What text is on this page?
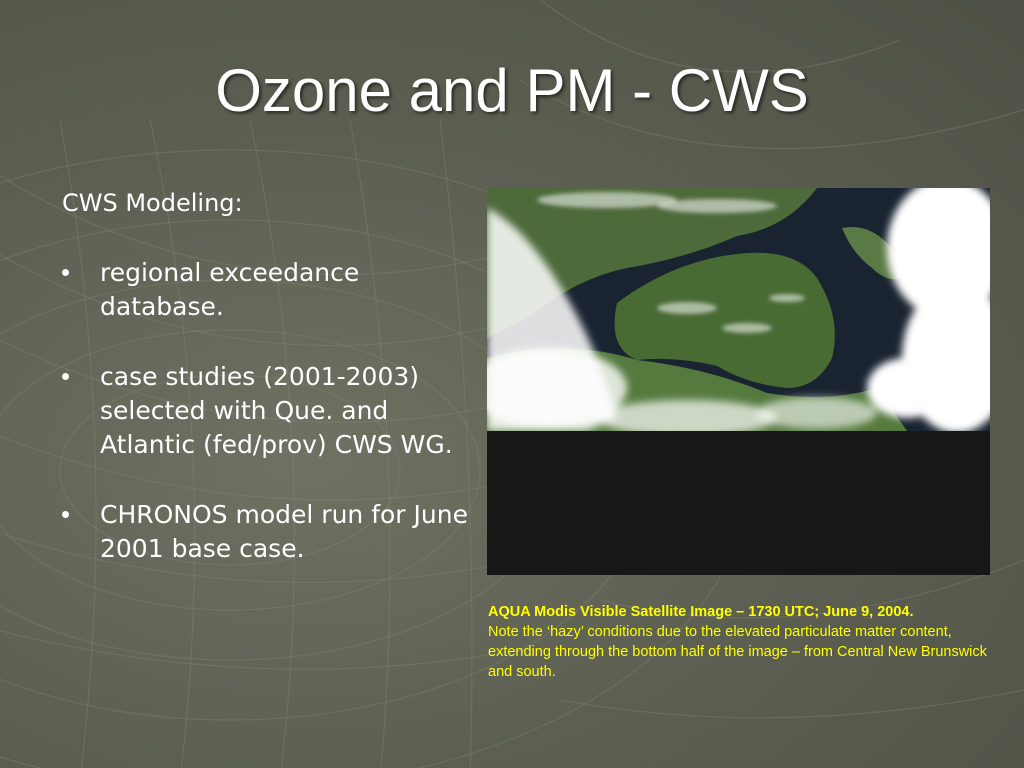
Ozone and PM - CWS
CWS Modeling:
regional exceedance database.
case studies (2001-2003) selected with Que. and Atlantic (fed/prov) CWS WG.
CHRONOS model run for June 2001 base case.
AQUA Modis Visible Satellite Image – 1730 UTC; June 9, 2004.
Note the ‘hazy’ conditions due to the elevated particulate matter content, extending through the bottom half of the image – from Central New Brunswick and south.
